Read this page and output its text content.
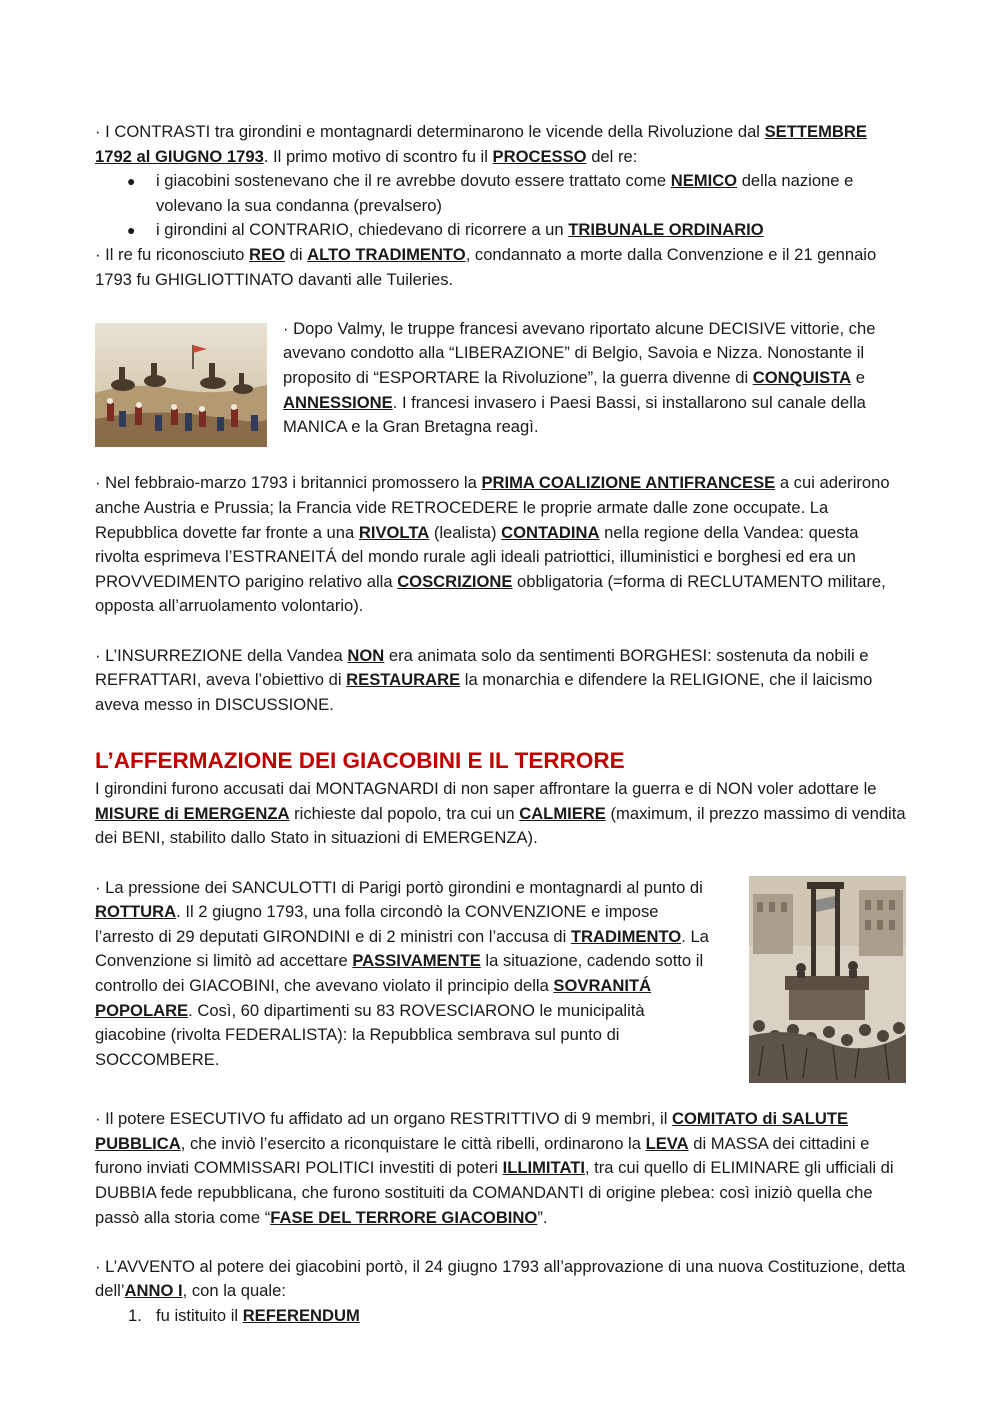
· I CONTRASTI tra girondini e montagnardi determinarono le vicende della Rivoluzione dal SETTEMBRE 1792 al GIUGNO 1793. Il primo motivo di scontro fu il PROCESSO del re:

● i giacobini sostenevano che il re avrebbe dovuto essere trattato come NEMICO della nazione e volevano la sua condanna (prevalsero)
● i girondini al CONTRARIO, chiedevano di ricorrere a un TRIBUNALE ORDINARIO

· Il re fu riconosciuto REO di ALTO TRADIMENTO, condannato a morte dalla Convenzione e il 21 gennaio 1793 fu GHIGLIOTTINATO davanti alle Tuileries.

· Dopo Valmy, le truppe francesi avevano riportato alcune DECISIVE vittorie, che avevano condotto alla “LIBERAZIONE” di Belgio, Savoia e Nizza. Nonostante il proposito di “ESPORTARE la Rivoluzione”, la guerra divenne di CONQUISTA e ANNESSIONE. I francesi invasero i Paesi Bassi, si installarono sul canale della MANICA e la Gran Bretagna reagì.

· Nel febbraio-marzo 1793 i britannici promossero la PRIMA COALIZIONE ANTIFRANCESE a cui aderirono anche Austria e Prussia; la Francia vide RETROCEDERE le proprie armate dalle zone occupate. La Repubblica dovette far fronte a una RIVOLTA (lealista) CONTADINA nella regione della Vandea: questa rivolta esprimeva l’ESTRANEITÁ del mondo rurale agli ideali patriottici, illuministici e borghesi ed era un PROVVEDIMENTO parigino relativo alla COSCRIZIONE obbligatoria (=forma di RECLUTAMENTO militare, opposta all’arruolamento volontario).

· L’INSURREZIONE della Vandea NON era animata solo da sentimenti BORGHESI: sostenuta da nobili e REFRATTARI, aveva l’obiettivo di RESTAURARE la monarchia e difendere la RELIGIONE, che il laicismo aveva messo in DISCUSSIONE.

L’AFFERMAZIONE DEI GIACOBINI E IL TERRORE

I girondini furono accusati dai MONTAGNARDI di non saper affrontare la guerra e di NON voler adottare le MISURE di EMERGENZA richieste dal popolo, tra cui un CALMIERE (maximum, il prezzo massimo di vendita dei BENI, stabilito dallo Stato in situazioni di EMERGENZA).

· La pressione dei SANCULOTTI di Parigi portò girondini e montagnardi al punto di ROTTURA. Il 2 giugno 1793, una folla circondò la CONVENZIONE e impose l’arresto di 29 deputati GIRONDINI e di 2 ministri con l’accusa di TRADIMENTO. La Convenzione si limitò ad accettare PASSIVAMENTE la situazione, cadendo sotto il controllo dei GIACOBINI, che avevano violato il principio della SOVRANITÁ POPOLARE. Così, 60 dipartimenti su 83 ROVESCIARONO le municipalità giacobine (rivolta FEDERALISTA): la Repubblica sembrava sul punto di SOCCOMBERE.

· Il potere ESECUTIVO fu affidato ad un organo RESTRITTIVO di 9 membri, il COMITATO di SALUTE PUBBLICA, che inviò l’esercito a riconquistare le città ribelli, ordinarono la LEVA di MASSA dei cittadini e furono inviati COMMISSARI POLITICI investiti di poteri ILLIMITATI, tra cui quello di ELIMINARE gli ufficiali di DUBBIA fede repubblicana, che furono sostituiti da COMANDANTI di origine plebea: così iniziò quella che passò alla storia come “FASE DEL TERRORE GIACOBINO”.

· L’AVVENTO al potere dei giacobini portò, il 24 giugno 1793 all’approvazione di una nuova Costituzione, detta dell’ANNO I, con la quale:

1. fu istituito il REFERENDUM
